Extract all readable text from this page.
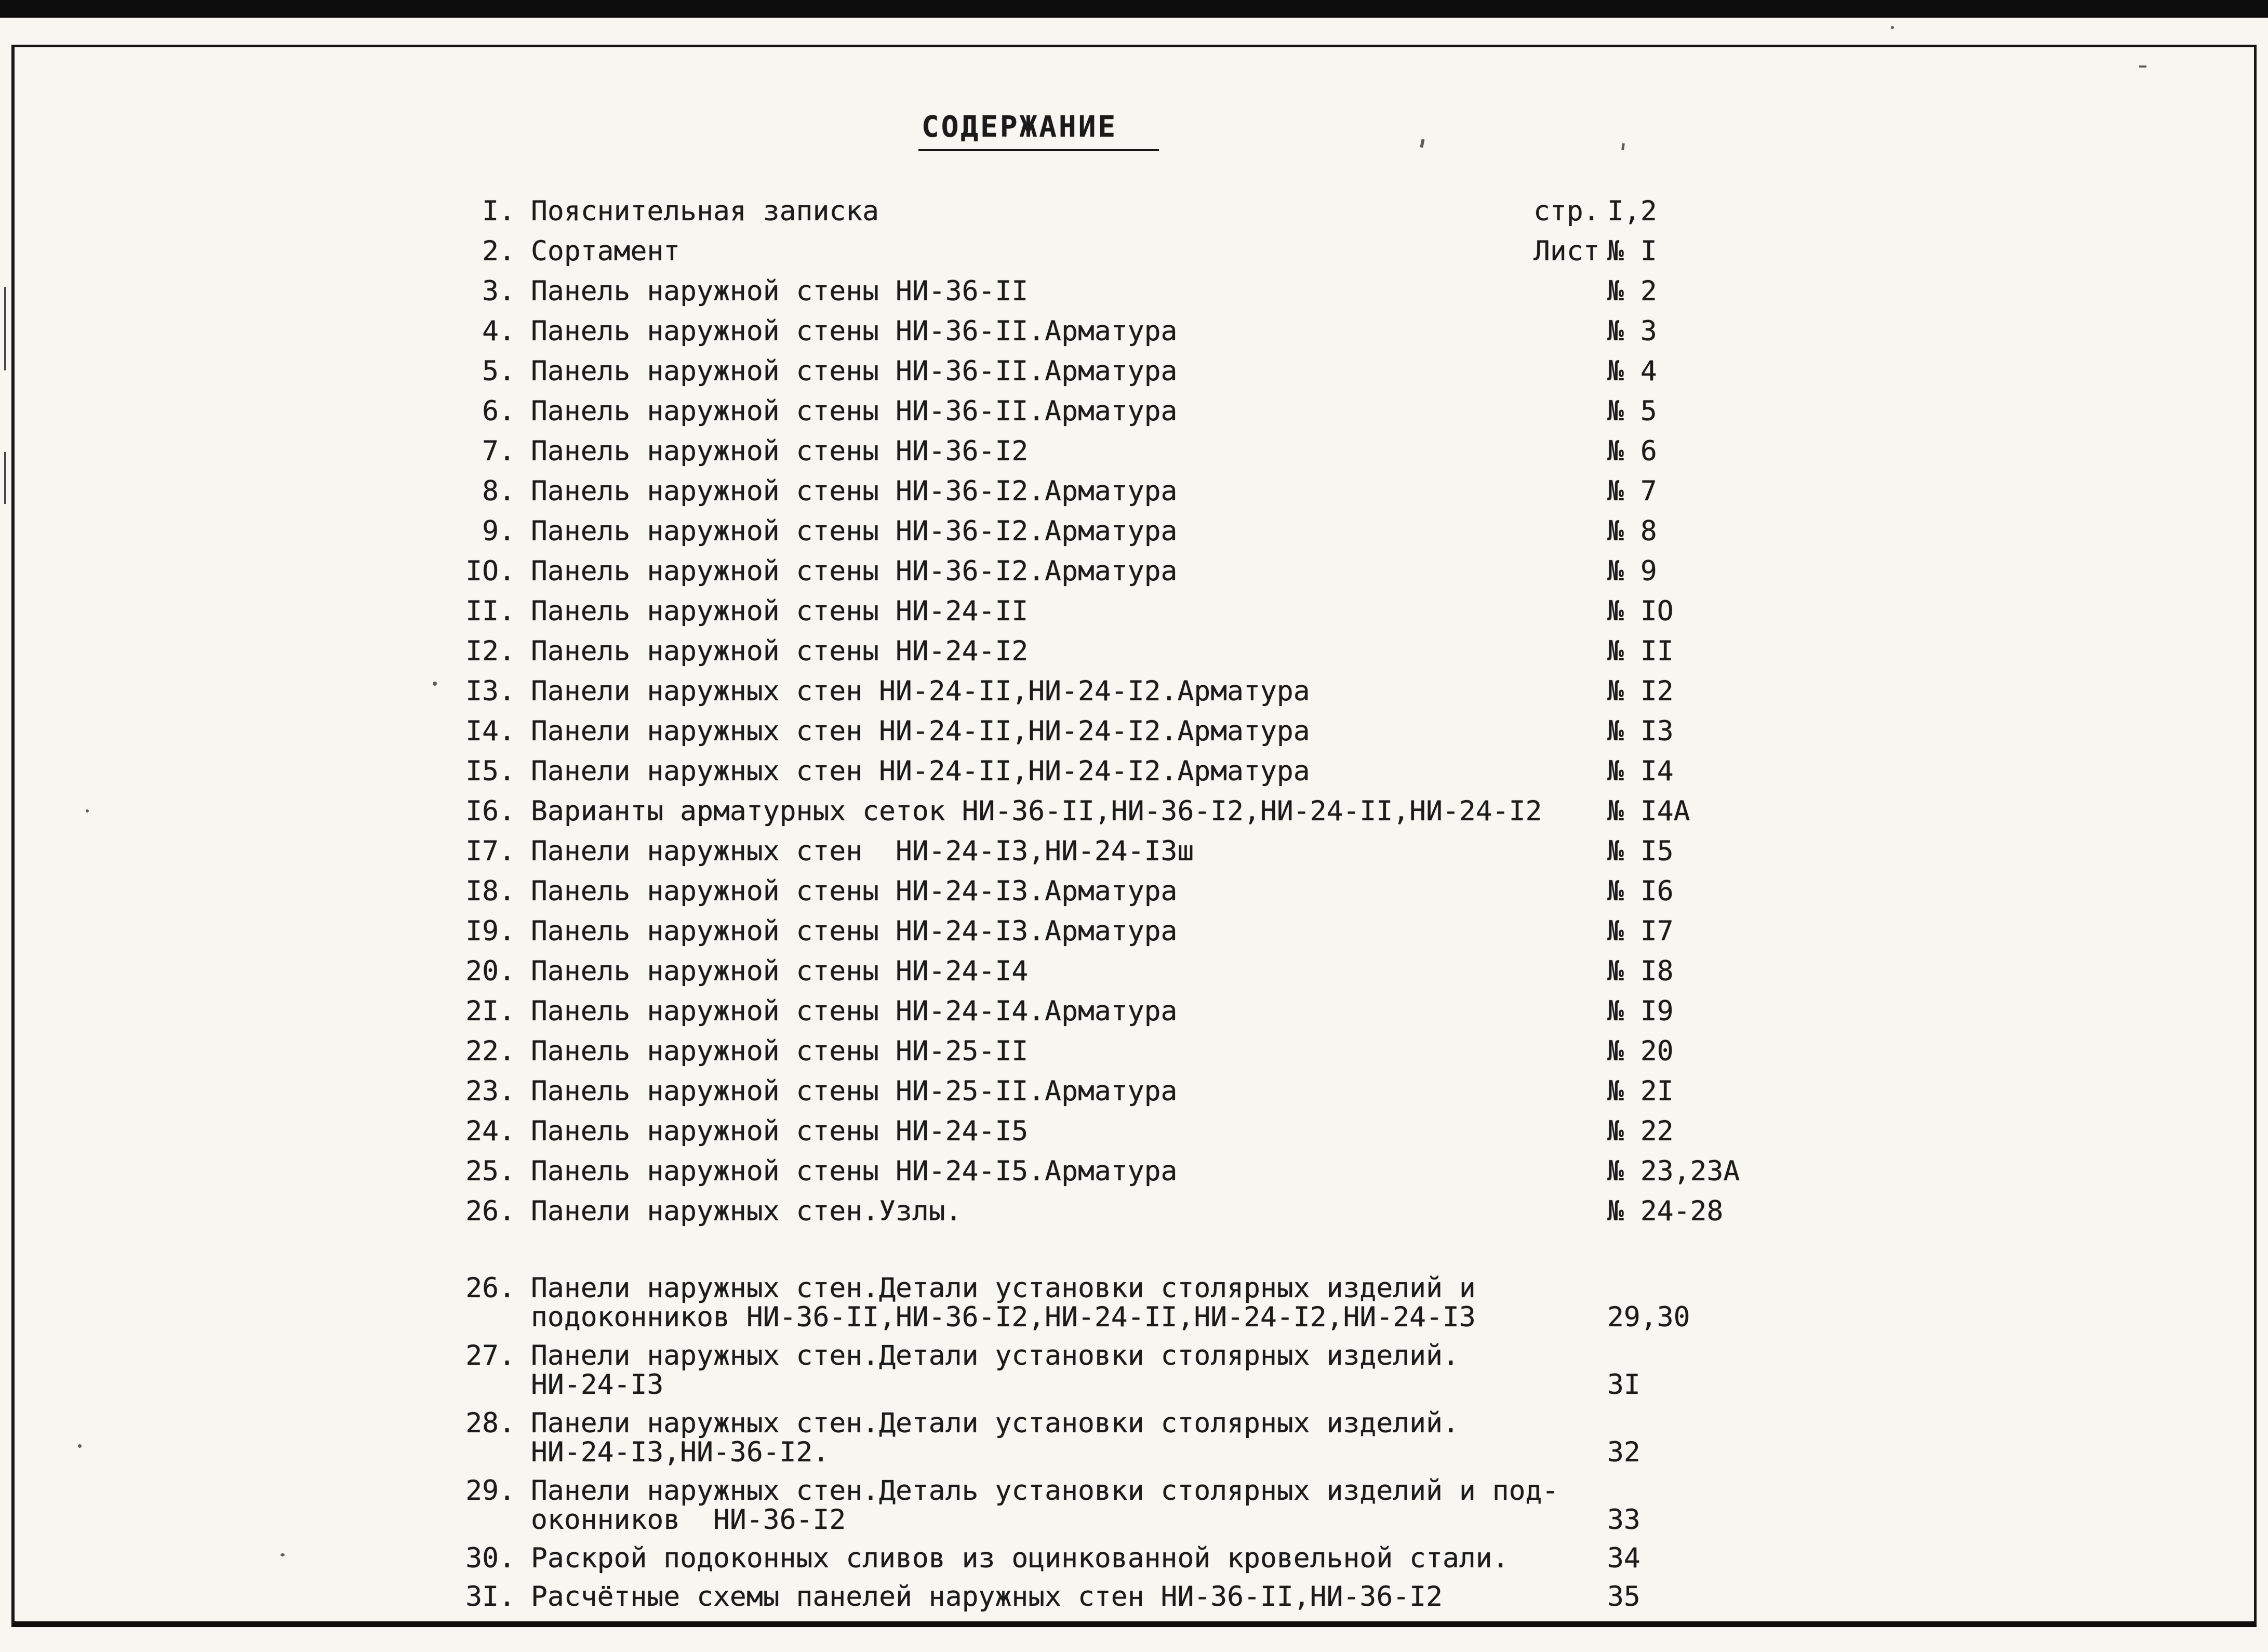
СОДЕРЖАНИЕ
I. Пояснительная записка	стр. I,2
2. Сортамент	Лист № I
3. Панель наружной стены НИ-36-II	№ 2
4. Панель наружной стены НИ-36-II.Арматура	№ 3
5. Панель наружной стены НИ-36-II.Арматура	№ 4
6. Панель наружной стены НИ-36-II.Арматура	№ 5
7. Панель наружной стены НИ-36-I2	№ 6
8. Панель наружной стены НИ-36-I2.Арматура	№ 7
9. Панель наружной стены НИ-36-I2.Арматура	№ 8
IO. Панель наружной стены НИ-36-I2.Арматура	№ 9
II. Панель наружной стены НИ-24-II	№ IO
I2. Панель наружной стены НИ-24-I2	№ II
I3. Панели наружных стен НИ-24-II,НИ-24-I2.Арматура	№ I2
I4. Панели наружных стен НИ-24-II,НИ-24-I2.Арматура	№ I3
I5. Панели наружных стен НИ-24-II,НИ-24-I2.Арматура	№ I4
I6. Варианты арматурных сеток НИ-36-II,НИ-36-I2,НИ-24-II,НИ-24-I2 № I4А
I7. Панели наружных стен  НИ-24-I3,НИ-24-I3ш	№ I5
I8. Панель наружной стены НИ-24-I3.Арматура	№ I6
I9. Панель наружной стены НИ-24-I3.Арматура	№ I7
20. Панель наружной стены НИ-24-I4	№ I8
2I. Панель наружной стены НИ-24-I4.Арматура	№ I9
22. Панель наружной стены НИ-25-II	№ 20
23. Панель наружной стены НИ-25-II.Арматура	№ 2I
24. Панель наружной стены НИ-24-I5	№ 22
25. Панель наружной стены НИ-24-I5.Арматура	№ 23,23А
26. Панели наружных стен.Узлы.	№ 24-28
26. Панели наружных стен.Детали установки столярных изделий и
подоконников НИ-36-II,НИ-36-I2,НИ-24-II,НИ-24-I2,НИ-24-I3	29,30
27. Панели наружных стен.Детали установки столярных изделий.
НИ-24-I3	3I
28. Панели наружных стен.Детали установки столярных изделий.
НИ-24-I3,НИ-36-I2.	32
29. Панели наружных стен.Деталь установки столярных изделий и под-
оконников  НИ-36-I2	33
30. Раскрой подоконных сливов из оцинкованной кровельной стали.	34
3I. Расчётные схемы панелей наружных стен НИ-36-II,НИ-36-I2	35
